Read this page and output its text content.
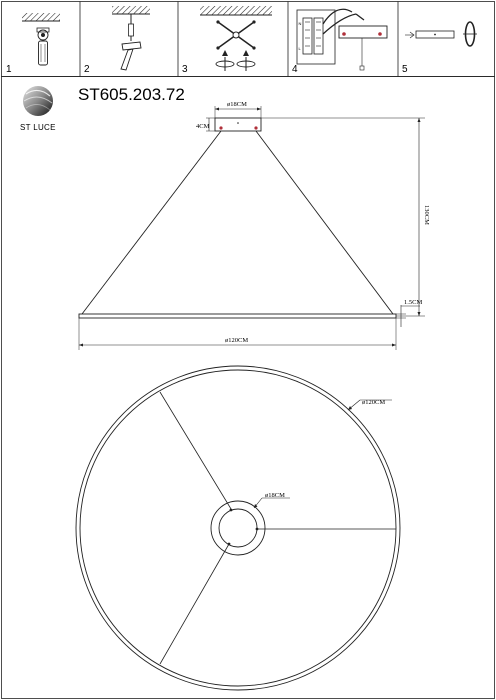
N
L
1	2	3	4	5
ST LUCE
ST605.203.72
ø18CM
4CM
130CM
1.5CM
ø120CM
ø120CM
ø18CM
